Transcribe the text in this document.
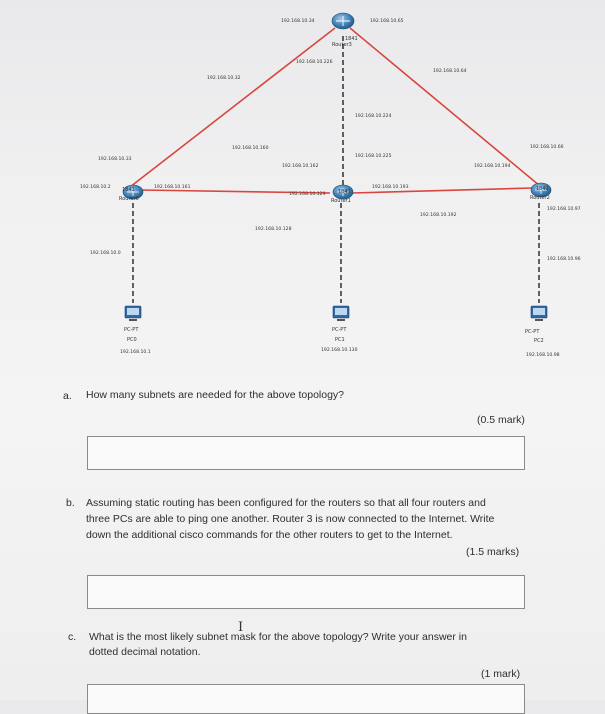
1841
Router3
1841
Router0
1841
Router1
1841
Router2
PC-PT
PC0
192.168.10.1
PC-PT
PC1
192.168.10.130
PC-PT
PC2
192.168.10.98
192.168.10.34	192.168.10.65
192.168.10.226
192.168.10.32
192.168.10.64
192.168.10.224
192.168.10.160
192.168.10.33
192.168.10.162
192.168.10.225
192.168.10.66
192.168.10.194
192.168.10.2	192.168.10.161
192.168.10.129
192.168.10.193
192.168.10.97
192.168.10.192
192.168.10.128
192.168.10.0
192.168.10.96
a. How many subnets are needed for the above topology?
(0.5 mark)
b. Assuming static routing has been configured for the routers so that all four routers and
three PCs are able to ping one another. Router 3 is now connected to the Internet. Write
down the additional cisco commands for the other routers to get to the Internet.
(1.5 marks)
c. What is the most likely subnet mask for the above topology? Write your answer in
dotted decimal notation.
(1 mark)
I
